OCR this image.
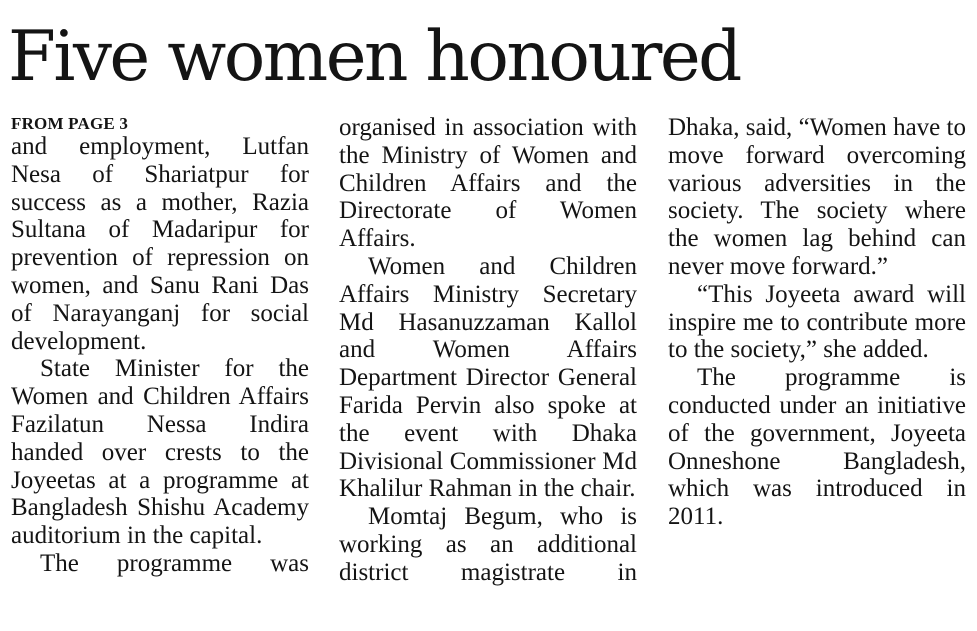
Five women honoured
FROM PAGE 3

and employment, Lutfan Nesa of Shariatpur for success as a mother, Razia Sultana of Madaripur for prevention of repression on women, and Sanu Rani Das of Narayanganj for social development.

State Minister for the Women and Children Affairs Fazilatun Nessa Indira handed over crests to the Joyeetas at a programme at Bangladesh Shishu Academy auditorium in the capital.

The programme was

organised in association with the Ministry of Women and Children Affairs and the Directorate of Women Affairs.

Women and Children Affairs Ministry Secretary Md Hasanuzzaman Kallol and Women Affairs Department Director General Farida Pervin also spoke at the event with Dhaka Divisional Commissioner Md Khalilur Rahman in the chair.

Momtaj Begum, who is working as an additional district magistrate in

Dhaka, said, “Women have to move forward overcoming various adversities in the society. The society where the women lag behind can never move forward.”

“This Joyeeta award will inspire me to contribute more to the society,” she added.

The programme is conducted under an initiative of the government, Joyeeta Onneshone Bangladesh, which was introduced in 2011.
